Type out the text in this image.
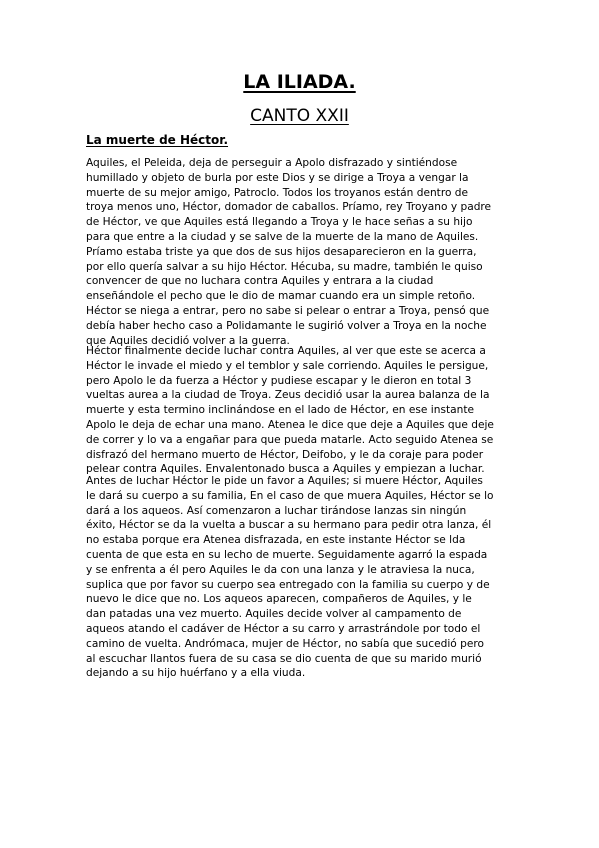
LA ILIADA.
CANTO XXII
La muerte de Héctor.

Aquiles, el Peleida, deja de perseguir a Apolo disfrazado y sintiéndose
humillado y objeto de burla por este Dios y se dirige a Troya a vengar la
muerte de su mejor amigo, Patroclo. Todos los troyanos están dentro de
troya menos uno, Héctor, domador de caballos. Príamo, rey Troyano y padre
de Héctor, ve que Aquiles está llegando a Troya y le hace señas a su hijo
para que entre a la ciudad y se salve de la muerte de la mano de Aquiles.
Príamo estaba triste ya que dos de sus hijos desaparecieron en la guerra,
por ello quería salvar a su hijo Héctor. Hécuba, su madre, también le quiso
convencer de que no luchara contra Aquiles y entrara a la ciudad
enseñándole el pecho que le dio de mamar cuando era un simple retoño.
Héctor se niega a entrar, pero no sabe si pelear o entrar a Troya, pensó que
debía haber hecho caso a Polidamante le sugirió volver a Troya en la noche
que Aquiles decidió volver a la guerra.

Héctor finalmente decide luchar contra Aquiles, al ver que este se acerca a
Héctor le invade el miedo y el temblor y sale corriendo. Aquiles le persigue,
pero Apolo le da fuerza a Héctor y pudiese escapar y le dieron en total 3
vueltas aurea a la ciudad de Troya. Zeus decidió usar la aurea balanza de la
muerte y esta termino inclinándose en el lado de Héctor, en ese instante
Apolo le deja de echar una mano. Atenea le dice que deje a Aquiles que deje
de correr y lo va a engañar para que pueda matarle. Acto seguido Atenea se
disfrazó del hermano muerto de Héctor, Deifobo, y le da coraje para poder
pelear contra Aquiles. Envalentonado busca a Aquiles y empiezan a luchar.

Antes de luchar Héctor le pide un favor a Aquiles; si muere Héctor, Aquiles
le dará su cuerpo a su familia, En el caso de que muera Aquiles, Héctor se lo
dará a los aqueos. Así comenzaron a luchar tirándose lanzas sin ningún
éxito, Héctor se da la vuelta a buscar a su hermano para pedir otra lanza, él
no estaba porque era Atenea disfrazada, en este instante Héctor se lda
cuenta de que esta en su lecho de muerte. Seguidamente agarró la espada
y se enfrenta a él pero Aquiles le da con una lanza y le atraviesa la nuca,
suplica que por favor su cuerpo sea entregado con la familia su cuerpo y de
nuevo le dice que no. Los aqueos aparecen, compañeros de Aquiles, y le
dan patadas una vez muerto. Aquiles decide volver al campamento de
aqueos atando el cadáver de Héctor a su carro y arrastrándole por todo el
camino de vuelta. Andrómaca, mujer de Héctor, no sabía que sucedió pero
al escuchar llantos fuera de su casa se dio cuenta de que su marido murió
dejando a su hijo huérfano y a ella viuda.
